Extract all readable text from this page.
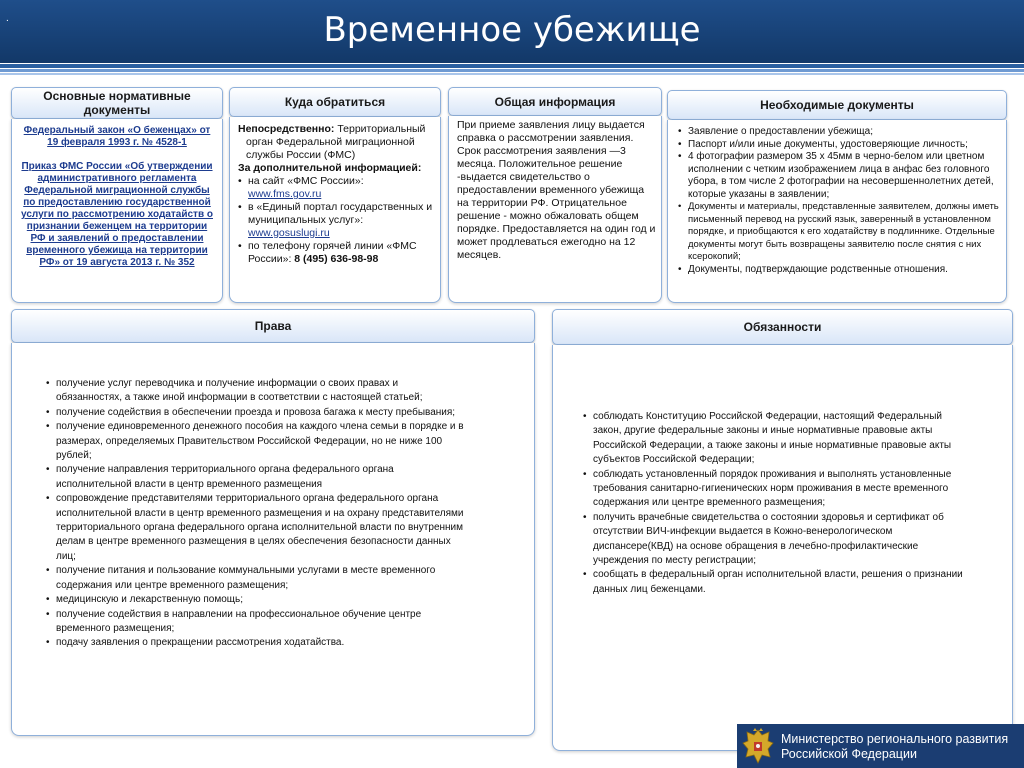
.	Временное убежище
Основные нормативные документы
Федеральный закон «О беженцах» от 19 февраля 1993 г. № 4528-1
Приказ ФМС России «Об утверждении административного регламента Федеральной миграционной службы по предоставлению государственной услуги по рассмотрению ходатайств о признании беженцем на территории РФ и заявлений о предоставлении временного убежища на территории РФ» от 19 августа 2013 г. № 352
Куда обратиться

Непосредственно: Территориальный орган Федеральной миграционной службы России (ФМС)

За дополнительной информацией:

• на сайт «ФМС России»:
www.fms.gov.ru
• в «Единый портал государственных и муниципальных услуг»:
www.gosuslugi.ru
• по телефону горячей линии «ФМС России»: 8 (495) 636-98-98
Общая информация

При приеме заявления лицу выдается справка о рассмотрении заявления. Срок рассмотрения заявления —3 месяца. Положительное решение -выдается свидетельство о предоставлении временного убежища на территории РФ. Отрицательное решение - можно обжаловать общем порядке. Предоставляется на один год и может продлеваться ежегодно на 12 месяцев.

Необходимые документы
• Заявление о предоставлении убежища;
• Паспорт и/или иные документы, удостоверяющие личность;
• 4 фотографии размером 35 х 45мм в черно-белом или цветном исполнении с четким изображением лица в анфас без головного убора, в том числе 2 фотографии на несовершеннолетних детей, которые указаны в заявлении;
• Документы и материалы, представленные заявителем, должны иметь письменный перевод на русский язык, заверенный в установленном порядке, и приобщаются к его ходатайству в подлиннике. Отдельные документы могут быть возвращены заявителю после снятия с них ксерокопий;
• Документы, подтверждающие родственные отношения.
Права
• получение услуг переводчика и получение информации о своих правах и обязанностях, а также иной информации в соответствии с настоящей статьей;
• получение содействия в обеспечении проезда и провоза багажа к месту пребывания;
• получение единовременного денежного пособия на каждого члена семьи в порядке и в размерах, определяемых Правительством Российской Федерации, но не ниже 100 рублей;
• получение направления территориального органа федерального органа исполнительной власти в центр временного размещения
• сопровождение представителями территориального органа федерального органа исполнительной власти в центр временного размещения и на охрану представителями территориального органа федерального органа исполнительной власти по внутренним делам в центре временного размещения в целях обеспечения безопасности данных лиц;
• получение питания и пользование коммунальными услугами в месте временного содержания или центре временного размещения;
• медицинскую и лекарственную помощь;
• получение содействия в направлении на профессиональное обучение центре временного размещения;
• подачу заявления о прекращении рассмотрения ходатайства.
Обязанности
• соблюдать Конституцию Российской Федерации, настоящий Федеральный закон, другие федеральные законы и иные нормативные правовые акты Российской Федерации, а также законы и иные нормативные правовые акты субъектов Российской Федерации;
• соблюдать установленный порядок проживания и выполнять установленные требования санитарно-гигиенических норм проживания в месте временного содержания или центре временного размещения;
• получить врачебные свидетельства о состоянии здоровья и сертификат об отсутствии ВИЧ-инфекции выдается в Кожно-венерологическом диспансере(КВД) на основе обращения в лечебно-профилактические учреждения по месту регистрации;
• сообщать в федеральный орган исполнительной власти, решения о признании данных лиц беженцами.
Министерство регионального развития
Российской Федерации
